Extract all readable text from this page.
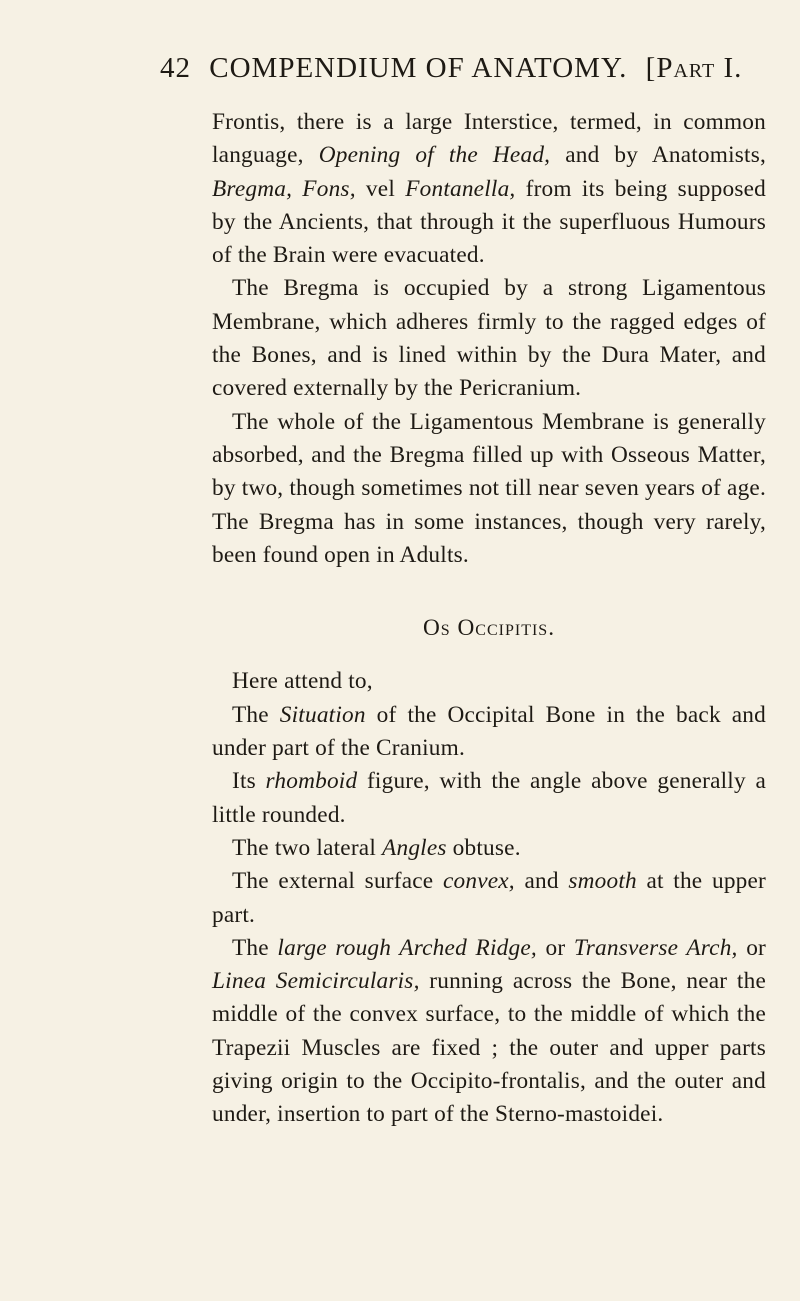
42 COMPENDIUM OF ANATOMY. [Part I.

Frontis, there is a large Interstice, termed, in common language, Opening of the Head, and by Anatomists, Bregma, Fons, vel Fontanella, from its being supposed by the Ancients, that through it the superfluous Humours of the Brain were evacuated.

The Bregma is occupied by a strong Ligamentous Membrane, which adheres firmly to the ragged edges of the Bones, and is lined within by the Dura Mater, and covered externally by the Pericranium.

The whole of the Ligamentous Membrane is generally absorbed, and the Bregma filled up with Osseous Matter, by two, though sometimes not till near seven years of age. The Bregma has in some instances, though very rarely, been found open in Adults.

Os Occipitis.

Here attend to,

The Situation of the Occipital Bone in the back and under part of the Cranium.

Its rhomboid figure, with the angle above generally a little rounded.

The two lateral Angles obtuse.

The external surface convex, and smooth at the upper part.

The large rough Arched Ridge, or Transverse Arch, or Linea Semicircularis, running across the Bone, near the middle of the convex surface, to the middle of which the Trapezii Muscles are fixed ; the outer and upper parts giving origin to the Occipito-frontalis, and the outer and under, insertion to part of the Sterno-mastoidei.
